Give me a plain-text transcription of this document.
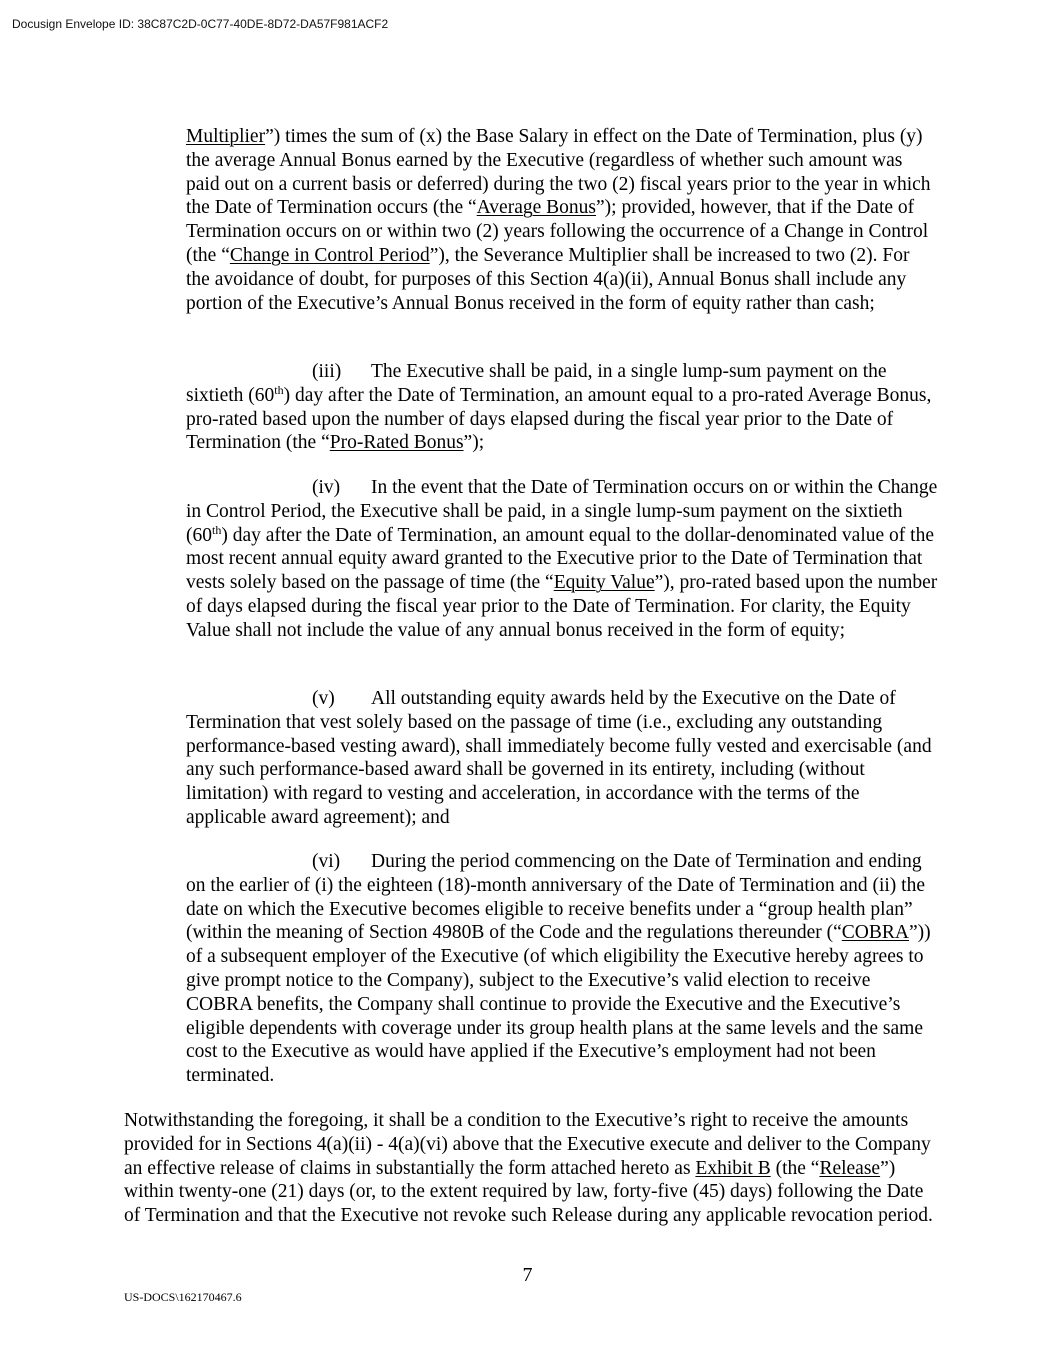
Docusign Envelope ID: 38C87C2D-0C77-40DE-8D72-DA57F981ACF2
Multiplier”) times the sum of (x) the Base Salary in effect on the Date of Termination, plus (y) the average Annual Bonus earned by the Executive (regardless of whether such amount was paid out on a current basis or deferred) during the two (2) fiscal years prior to the year in which the Date of Termination occurs (the “Average Bonus”); provided, however, that if the Date of Termination occurs on or within two (2) years following the occurrence of a Change in Control (the “Change in Control Period”), the Severance Multiplier shall be increased to two (2). For the avoidance of doubt, for purposes of this Section 4(a)(ii), Annual Bonus shall include any portion of the Executive’s Annual Bonus received in the form of equity rather than cash;
(iii) The Executive shall be paid, in a single lump-sum payment on the sixtieth (60th) day after the Date of Termination, an amount equal to a pro-rated Average Bonus, pro-rated based upon the number of days elapsed during the fiscal year prior to the Date of Termination (the “Pro-Rated Bonus”);
(iv) In the event that the Date of Termination occurs on or within the Change in Control Period, the Executive shall be paid, in a single lump-sum payment on the sixtieth (60th) day after the Date of Termination, an amount equal to the dollar-denominated value of the most recent annual equity award granted to the Executive prior to the Date of Termination that vests solely based on the passage of time (the “Equity Value”), pro-rated based upon the number of days elapsed during the fiscal year prior to the Date of Termination. For clarity, the Equity Value shall not include the value of any annual bonus received in the form of equity;
(v) All outstanding equity awards held by the Executive on the Date of Termination that vest solely based on the passage of time (i.e., excluding any outstanding performance-based vesting award), shall immediately become fully vested and exercisable (and any such performance-based award shall be governed in its entirety, including (without limitation) with regard to vesting and acceleration, in accordance with the terms of the applicable award agreement); and
(vi) During the period commencing on the Date of Termination and ending on the earlier of (i) the eighteen (18)-month anniversary of the Date of Termination and (ii) the date on which the Executive becomes eligible to receive benefits under a “group health plan” (within the meaning of Section 4980B of the Code and the regulations thereunder (“COBRA”)) of a subsequent employer of the Executive (of which eligibility the Executive hereby agrees to give prompt notice to the Company), subject to the Executive’s valid election to receive COBRA benefits, the Company shall continue to provide the Executive and the Executive’s eligible dependents with coverage under its group health plans at the same levels and the same cost to the Executive as would have applied if the Executive’s employment had not been terminated.
Notwithstanding the foregoing, it shall be a condition to the Executive’s right to receive the amounts provided for in Sections 4(a)(ii) - 4(a)(vi) above that the Executive execute and deliver to the Company an effective release of claims in substantially the form attached hereto as Exhibit B (the “Release”) within twenty-one (21) days (or, to the extent required by law, forty-five (45) days) following the Date of Termination and that the Executive not revoke such Release during any applicable revocation period.
7
US-DOCS\162170467.6
